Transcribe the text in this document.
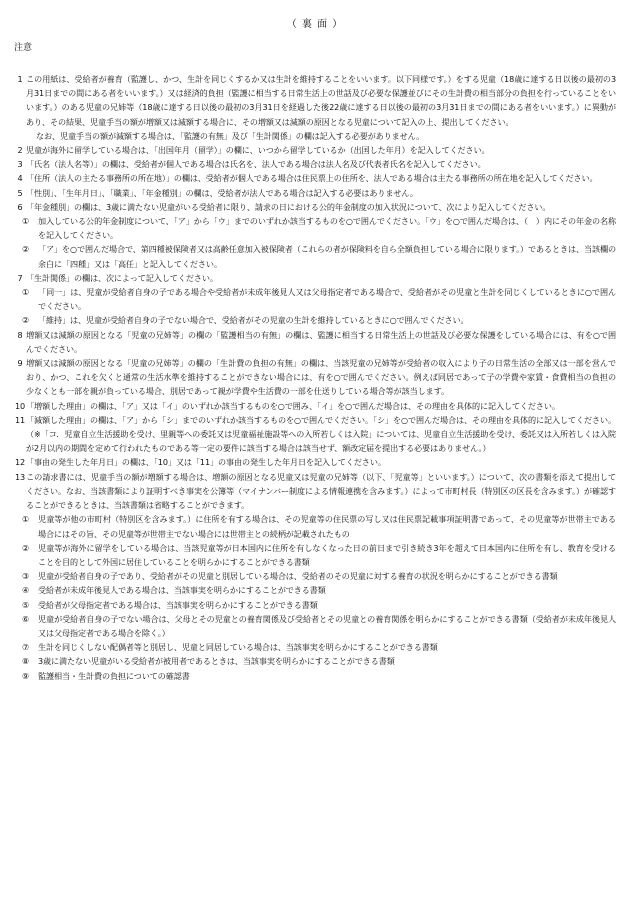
（ 裏 面 ）
注意

1 この用紙は、受給者が養育（監護し、かつ、生計を同じくするか又は生計を維持することをいいます。以下同様です。）をする児童（18歳に達する日以後の最初の3月31日までの間にある者をいいます。）又は経済的負担（監護に相当する日常生活上の世話及び必要な保護並びにその生計費の相当部分の負担を行っていることをいいます。）のある児童の兄姉等（18歳に達する日以後の最初の3月31日を経過した後22歳に達する日以後の最初の3月31日までの間にある者をいいます。）に異動があり、その結果、児童手当の額が増額又は減額する場合に、その増額又は減額の原因となる児童について記入の上、提出してください。

なお、児童手当の額が減額する場合は、「監護の有無」及び「生計関係」の欄は記入する必要がありません。

2 児童が海外に留学している場合は、「出国年月（留学）」の欄に、いつから留学しているか（出国した年月）を記入してください。

3 「氏名（法人名等）」の欄は、受給者が個人である場合は氏名を、法人である場合は法人名及び代表者氏名を記入してください。

4 「住所（法人の主たる事務所の所在地）」の欄は、受給者が個人である場合は住民票上の住所を、法人である場合は主たる事務所の所在地を記入してください。

5 「性別」、「生年月日」、「職業」、「年金種別」の欄は、受給者が法人である場合は記入する必要はありません。

6 「年金種別」の欄は、3歳に満たない児童がいる受給者に限り、請求の日における公的年金制度の加入状況について、次により記入してください。

① 加入している公的年金制度について、「ア」から「ウ」までのいずれか該当するものを○で囲んでください。「ウ」を○で囲んだ場合は、（　）内にその年金の名称を記入してください。

② 「ア」を○で囲んだ場合で、第四種被保険者又は高齢任意加入被保険者（これらの者が保険料を自ら全額負担している場合に限ります。）であるときは、当該欄の余白に「四種」又は「高任」と記入してください。

7 「生計関係」の欄は、次によって記入してください。

① 「同一」は、児童が受給者自身の子である場合や受給者が未成年後見人又は父母指定者である場合で、受給者がその児童と生計を同じくしているときに○で囲んでください。

② 「維持」は、児童が受給者自身の子でない場合で、受給者がその児童の生計を維持しているときに○で囲んでください。

8 増額又は減額の原因となる「児童の兄姉等」の欄の「監護相当の有無」の欄は、監護に相当する日常生活上の世話及び必要な保護をしている場合には、有を○で囲んでください。

9 増額又は減額の原因となる「児童の兄姉等」の欄の「生計費の負担の有無」の欄は、当該児童の兄姉等が受給者の収入により子の日常生活の全部又は一部を営んでおり、かつ、これを欠くと通常の生活水準を維持することができない場合には、有を○で囲んでください。例えば同居であって子の学費や家賃・食費相当の負担の少なくとも一部を親が負っている場合、別居であって親が学費や生活費の一部を仕送りしている場合等が該当します。

10「増額した理由」の欄は、「ア」又は「イ」のいずれか該当するものを○で囲み、「イ」を○で囲んだ場合は、その理由を具体的に記入してください。

11「減額した理由」の欄は、「ア」から「シ」までのいずれか該当するものを○で囲んでください。「シ」を○で囲んだ場合は、その理由を具体的に記入してください。（※「コ．児童自立生活援助を受け、里親等への委託又は児童福祉施設等への入所若しくは入院」については、児童自立生活援助を受け、委託又は入所若しくは入院が2月以内の期間を定めて行われたものである等一定の要件に該当する場合は該当せず、額改定届を提出する必要はありません。）

12「事由の発生した年月日」の欄は、「10」又は「11」の事由の発生した年月日を記入してください。

13この請求書には、児童手当の額が増額する場合は、増額の原因となる児童又は児童の兄姉等（以下、「児童等」といいます。）について、次の書類を添えて提出してください。なお、当該書類により証明すべき事実を公簿等（マイナンバー制度による情報連携を含みます。）によって市町村長（特別区の区長を含みます。）が確認することができるときは、当該書類は省略することができます。

① 児童等が他の市町村（特別区を含みます。）に住所を有する場合は、その児童等の住民票の写し又は住民票記載事項証明書であって、その児童等が世帯主である場合にはその旨、その児童等が世帯主でない場合には世帯主との続柄が記載されたもの

② 児童等が海外に留学をしている場合は、当該児童等が日本国内に住所を有しなくなった日の前日まで引き続き3年を超えて日本国内に住所を有し、教育を受けることを目的として外国に居住していることを明らかにすることができる書類

③ 児童が受給者自身の子であり、受給者がその児童と別居している場合は、受給者のその児童に対する養育の状況を明らかにすることができる書類

④ 受給者が未成年後見人である場合は、当該事実を明らかにすることができる書類

⑤ 受給者が父母指定者である場合は、当該事実を明らかにすることができる書類

⑥ 児童が受給者自身の子でない場合は、父母とその児童との養育関係及び受給者とその児童との養育関係を明らかにすることができる書類（受給者が未成年後見人又は父母指定者である場合を除く。）

⑦ 生計を同じくしない配偶者等と別居し、児童と同居している場合は、当該事実を明らかにすることができる書類

⑧ 3歳に満たない児童がいる受給者が被用者であるときは、当該事実を明らかにすることができる書類

⑨ 監護相当・生計費の負担についての確認書
